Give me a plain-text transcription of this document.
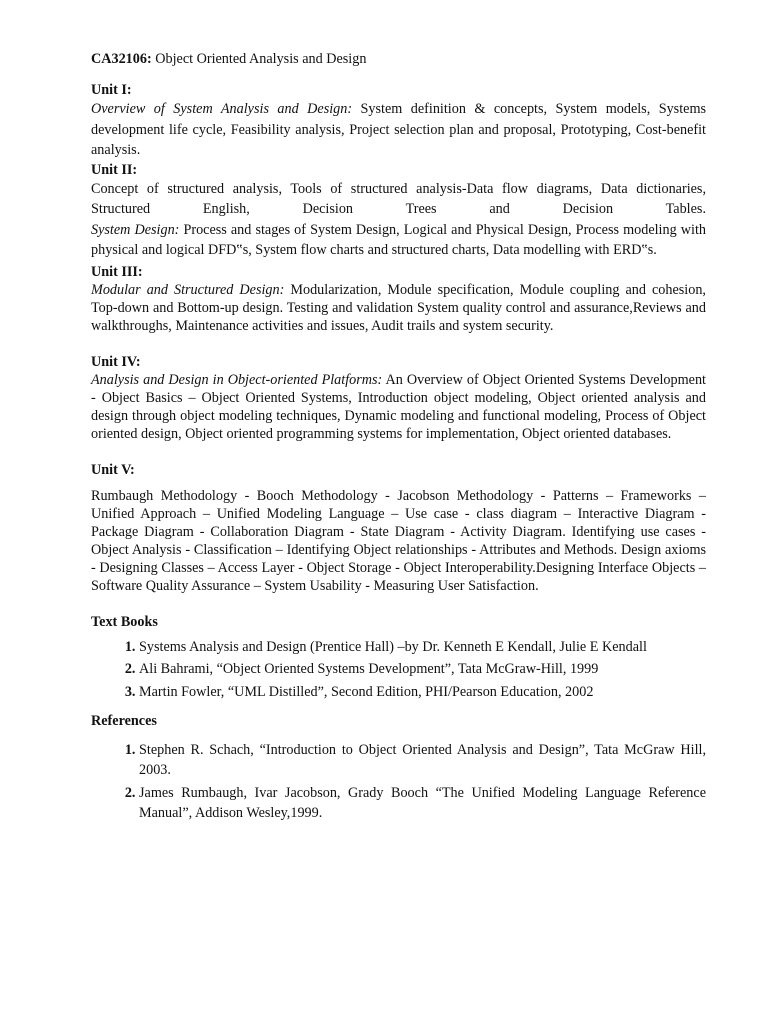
CA32106: Object Oriented Analysis and Design

Unit I:

Overview of System Analysis and Design: System definition & concepts, System models, Systems development life cycle, Feasibility analysis, Project selection plan and proposal, Prototyping, Cost-benefit analysis.

Unit II:

Concept of structured analysis, Tools of structured analysis-Data flow diagrams, Data dictionaries, Structured English, Decision Trees and Decision Tables.

System Design: Process and stages of System Design, Logical and Physical Design, Process modeling with physical and logical DFD‟s, System flow charts and structured charts, Data modelling with ERD‟s.

Unit III:

Modular and Structured Design: Modularization, Module specification, Module coupling and cohesion, Top-down and Bottom-up design. Testing and validation System quality control and assurance,Reviews and walkthroughs, Maintenance activities and issues, Audit trails and system security.

Unit IV:

Analysis and Design in Object-oriented Platforms: An Overview of Object Oriented Systems Development - Object Basics – Object Oriented Systems, Introduction object modeling, Object oriented analysis and design through object modeling techniques, Dynamic modeling and functional modeling, Process of Object oriented design, Object oriented programming systems for implementation, Object oriented databases.

Unit V:

Rumbaugh Methodology - Booch Methodology - Jacobson Methodology - Patterns – Frameworks – Unified Approach – Unified Modeling Language – Use case - class diagram – Interactive Diagram - Package Diagram - Collaboration Diagram - State Diagram - Activity Diagram. Identifying use cases - Object Analysis - Classification – Identifying Object relationships - Attributes and Methods. Design axioms - Designing Classes – Access Layer - Object Storage - Object Interoperability.Designing Interface Objects – Software Quality Assurance – System Usability - Measuring User Satisfaction.

Text Books

1. Systems Analysis and Design (Prentice Hall) –by Dr. Kenneth E Kendall, Julie E Kendall
2. Ali Bahrami, “Object Oriented Systems Development”, Tata McGraw-Hill, 1999
3. Martin Fowler, “UML Distilled”, Second Edition, PHI/Pearson Education, 2002

References

1. Stephen R. Schach, “Introduction to Object Oriented Analysis and Design”, Tata McGraw Hill, 2003.
2. James Rumbaugh, Ivar Jacobson, Grady Booch “The Unified Modeling Language Reference Manual”, Addison Wesley,1999.
